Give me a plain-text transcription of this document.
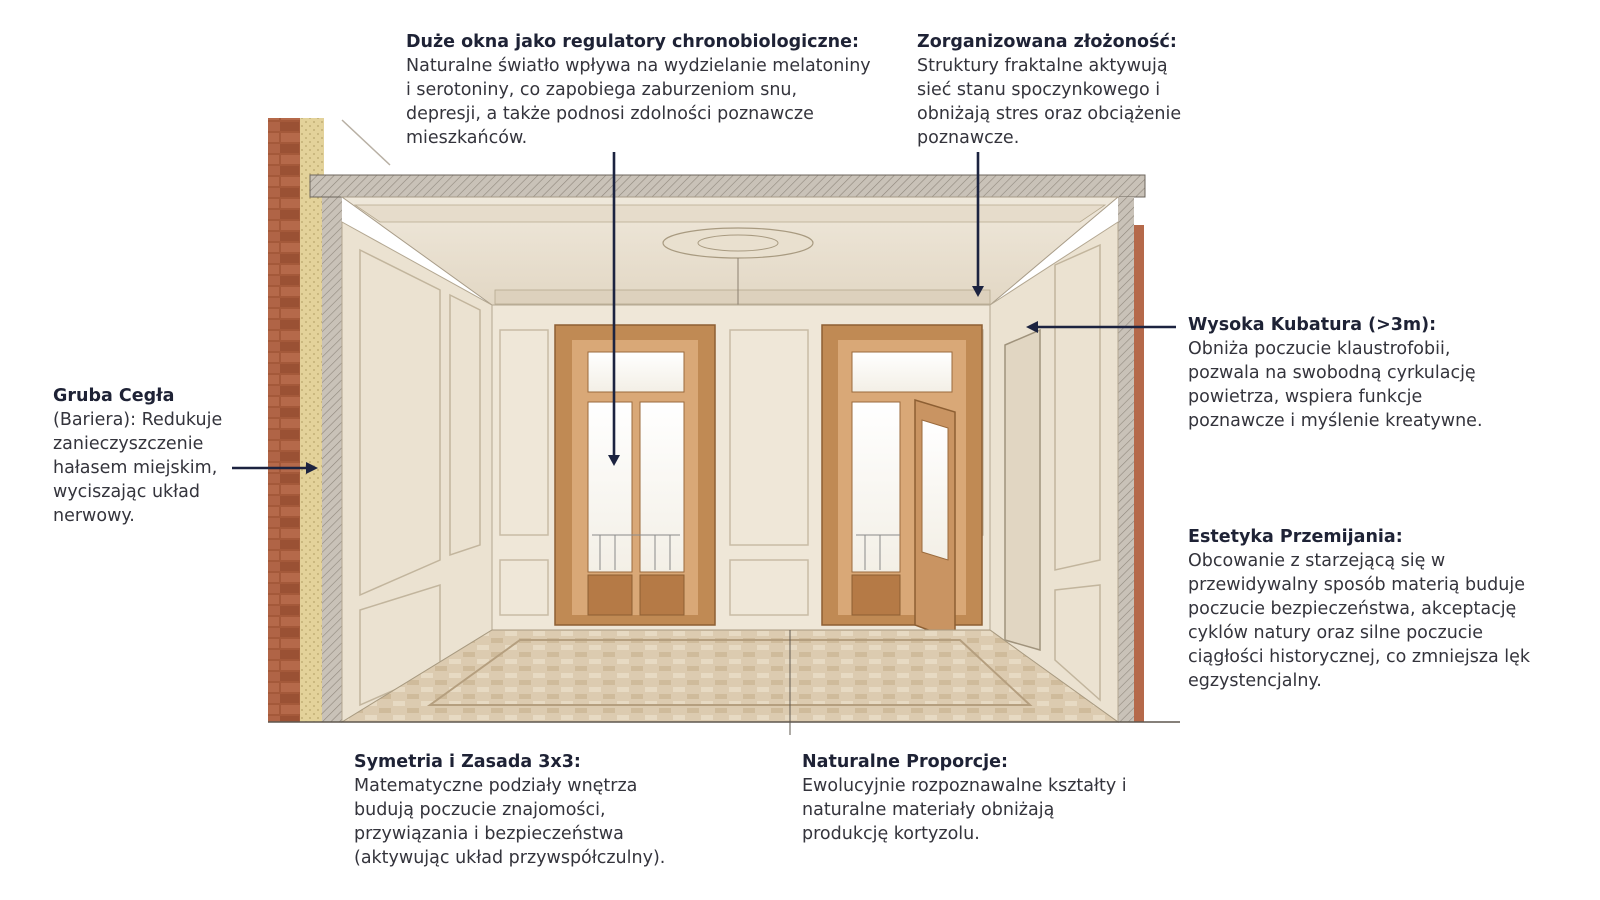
Duże okna jako regulatory chronobiologiczne:
Naturalne światło wpływa na wydzielanie melatoniny i serotoniny, co zapobiega zaburzeniom snu, depresji, a także podnosi zdolności poznawcze mieszkańców.
Zorganizowana złożoność:
Struktury fraktalne aktywują sieć stanu spoczynkowego i obniżają stres oraz obciążenie poznawcze.
Gruba Cegła
(Bariera): Redukuje zanieczyszczenie hałasem miejskim, wyciszając układ nerwowy.
Wysoka Kubatura (>3m):
Obniża poczucie klaustrofobii, pozwala na swobodną cyrkulację powietrza, wspiera funkcje poznawcze i myślenie kreatywne.
Estetyka Przemijania:
Obcowanie z starzejącą się w przewidywalny sposób materią buduje poczucie bezpieczeństwa, akceptację cyklów natury oraz silne poczucie ciągłości historycznej, co zmniejsza lęk egzystencjalny.
Symetria i Zasada 3x3:
Matematyczne podziały wnętrza budują poczucie znajomości, przywiązania i bezpieczeństwa (aktywując układ przywspółczulny).
Naturalne Proporcje:
Ewolucyjnie rozpoznawalne kształty i naturalne materiały obniżają produkcję kortyzolu.
